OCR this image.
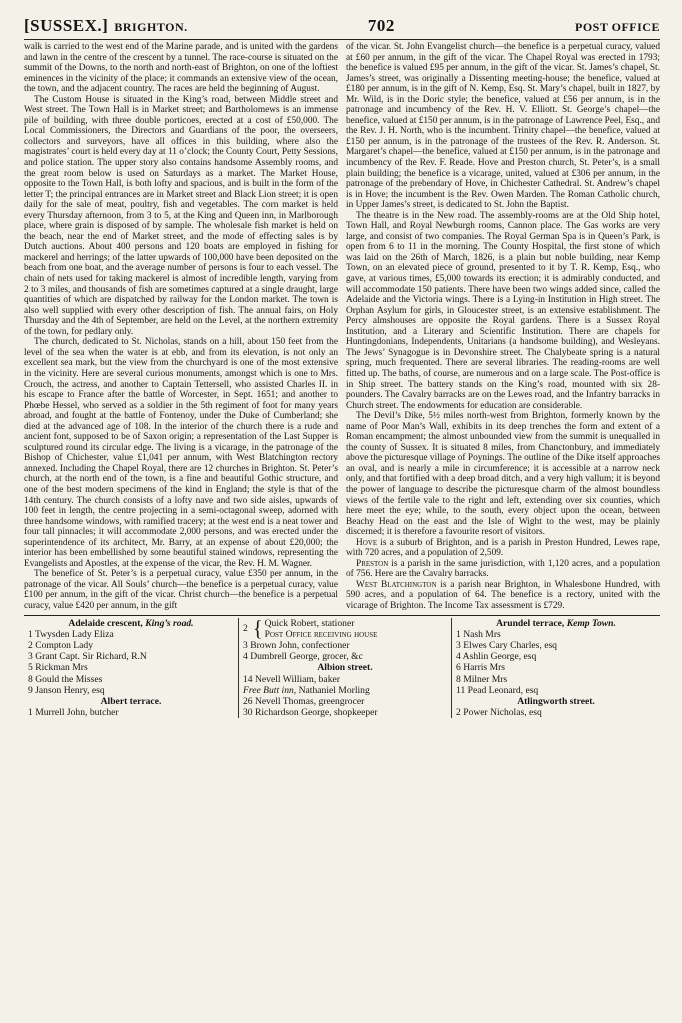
[SUSSEX.] BRIGHTON.	702	POST OFFICE

walk is carried to the west end of the Marine parade, and is united with the gardens and lawn in the centre of the crescent by a tunnel. The race-course is situated on the summit of the Downs, to the north and north-east of Brighton, on one of the loftiest eminences in the vicinity of the place; it commands an extensive view of the ocean, the town, and the adjacent country. The races are held the beginning of August.

The Custom House is situated in the King’s road, between Middle street and West street. The Town Hall is in Market street; and Bartholomews is an immense pile of building, with three double porticoes, erected at a cost of £50,000. The Local Commissioners, the Directors and Guardians of the poor, the overseers, collectors and surveyors, have all offices in this building, where also the magistrates’ court is held every day at 11 o’clock; the County Court, Petty Sessions, and police station. The upper story also contains handsome Assembly rooms, and the great room below is used on Saturdays as a market. The Market House, opposite to the Town Hall, is both lofty and spacious, and is built in the form of the letter T; the principal entrances are in Market street and Black Lion street; it is open daily for the sale of meat, poultry, fish and vegetables. The corn market is held every Thursday afternoon, from 3 to 5, at the King and Queen inn, in Marlborough place, where grain is disposed of by sample. The wholesale fish market is held on the beach, near the end of Market street, and the mode of effecting sales is by Dutch auctions. About 400 persons and 120 boats are employed in fishing for mackerel and herrings; of the latter upwards of 100,000 have been deposited on the beach from one boat, and the average number of persons is four to each vessel. The chain of nets used for taking mackerel is almost of incredible length, varying from 2 to 3 miles, and thousands of fish are sometimes captured at a single draught, large quantities of which are dispatched by railway for the London market. The town is also well supplied with every other description of fish. The annual fairs, on Holy Thursday and the 4th of September, are held on the Level, at the northern extremity of the town, for pedlary only.

The church, dedicated to St. Nicholas, stands on a hill, about 150 feet from the level of the sea when the water is at ebb, and from its elevation, is not only an excellent sea mark, but the view from the churchyard is one of the most extensive in the vicinity. Here are several curious monuments, amongst which is one to Mrs. Crouch, the actress, and another to Captain Tettersell, who assisted Charles II. in his escape to France after the battle of Worcester, in Sept. 1651; and another to Phœbe Hessel, who served as a soldier in the 5th regiment of foot for many years abroad, and fought at the battle of Fontenoy, under the Duke of Cumberland; she died at the advanced age of 108. In the interior of the church there is a rude and ancient font, supposed to be of Saxon origin; a representation of the Last Supper is sculptured round its circular edge. The living is a vicarage, in the patronage of the Bishop of Chichester, value £1,041 per annum, with West Blatchington rectory annexed. Including the Chapel Royal, there are 12 churches in Brighton. St. Peter’s church, at the north end of the town, is a fine and beautiful Gothic structure, and one of the best modern specimens of the kind in England; the style is that of the 14th century. The church consists of a lofty nave and two side aisles, upwards of 100 feet in length, the centre projecting in a semi-octagonal sweep, adorned with three handsome windows, with ramified tracery; at the west end is a neat tower and four tall pinnacles; it will accommodate 2,000 persons, and was erected under the superintendence of its architect, Mr. Barry, at an expense of about £20,000; the interior has been embellished by some beautiful stained windows, representing the Evangelists and Apostles, at the expense of the vicar, the Rev. H. M. Wagner.

The benefice of St. Peter’s is a perpetual curacy, value £350 per annum, in the patronage of the vicar. All Souls’ church—the benefice is a perpetual curacy, value £100 per annum, in the gift of the vicar. Christ church—the benefice is a perpetual curacy, value £420 per annum, in the gift

of the vicar. St. John Evangelist church—the benefice is a perpetual curacy, valued at £60 per annum, in the gift of the vicar. The Chapel Royal was erected in 1793; the benefice is valued £95 per annum, in the gift of the vicar. St. James’s chapel, St. James’s street, was originally a Dissenting meeting-house; the benefice, valued at £180 per annum, is in the gift of N. Kemp, Esq. St. Mary’s chapel, built in 1827, by Mr. Wild, is in the Doric style; the benefice, valued at £56 per annum, is in the patronage and incumbency of the Rev. H. V. Elliott. St. George’s chapel—the benefice, valued at £150 per annum, is in the patronage of Lawrence Peel, Esq., and the Rev. J. H. North, who is the incumbent. Trinity chapel—the benefice, valued at £150 per annum, is in the patronage of the trustees of the Rev. R. Anderson. St. Margaret’s chapel—the benefice, valued at £150 per annum, is in the patronage and incumbency of the Rev. F. Reade. Hove and Preston church, St. Peter’s, is a small plain building; the benefice is a vicarage, united, valued at £306 per annum, in the patronage of the prebendary of Hove, in Chichester Cathedral. St. Andrew’s chapel is in Hove; the incumbent is the Rev. Owen Marden. The Roman Catholic church, in Upper James’s street, is dedicated to St. John the Baptist.

The theatre is in the New road. The assembly-rooms are at the Old Ship hotel, Town Hall, and Royal Newburgh rooms, Cannon place. The Gas works are very large, and consist of two companies. The Royal German Spa is in Queen’s Park, is open from 6 to 11 in the morning. The County Hospital, the first stone of which was laid on the 26th of March, 1826, is a plain but noble building, near Kemp Town, on an elevated piece of ground, presented to it by T. R. Kemp, Esq., who gave, at various times, £5,000 towards its erection; it is admirably conducted, and will accommodate 150 patients. There have been two wings added since, called the Adelaide and the Victoria wings. There is a Lying-in Institution in High street. The Orphan Asylum for girls, in Gloucester street, is an extensive establishment. The Percy almshouses are opposite the Royal gardens. There is a Sussex Royal Institution, and a Literary and Scientific Institution. There are chapels for Huntingdonians, Independents, Unitarians (a handsome building), and Wesleyans. The Jews’ Synagogue is in Devonshire street. The Chalybeate spring is a natural spring, much frequented. There are several libraries. The reading-rooms are well fitted up. The baths, of course, are numerous and on a large scale. The Post-office is in Ship street. The battery stands on the King’s road, mounted with six 28-pounders. The Cavalry barracks are on the Lewes road, and the Infantry barracks in Church street. The endowments for education are considerable.

The Devil’s Dike, 5½ miles north-west from Brighton, formerly known by the name of Poor Man’s Wall, exhibits in its deep trenches the form and extent of a Roman encampment; the almost unbounded view from the summit is unequalled in the county of Sussex. It is situated 8 miles, from Chanctonbury, and immediately above the picturesque village of Poynings. The outline of the Dike itself approaches an oval, and is nearly a mile in circumference; it is accessible at a narrow neck only, and that fortified with a deep broad ditch, and a very high vallum; it is beyond the power of language to describe the picturesque charm of the almost boundless views of the fertile vale to the right and left, extending over six counties, which here meet the eye; while, to the south, every object upon the ocean, between Beachy Head on the east and the Isle of Wight to the west, may be plainly discerned; it is therefore a favourite resort of visitors.

Hove is a suburb of Brighton, and is a parish in Preston Hundred, Lewes rape, with 720 acres, and a population of 2,509.

Preston is a parish in the same jurisdiction, with 1,120 acres, and a population of 756. Here are the Cavalry barracks.

West Blatchington is a parish near Brighton, in Whalesbone Hundred, with 590 acres, and a population of 64. The benefice is a rectory, united with the vicarage of Brighton. The Income Tax assessment is £729.

Adelaide crescent, King’s road.
1 Twysden Lady Eliza
2 Compton Lady
3 Grant Capt. Sir Richard, R.N
5 Rickman Mrs
8 Gould the Misses
9 Janson Henry, esq
Albert terrace.
1 Murrell John, butcher
2 { Quick Robert, stationer
Post Office receiving house
3 Brown John, confectioner
4 Dumbrell George, grocer, &c
Albion street.
14 Nevell William, baker
Free Butt inn, Nathaniel Morling
26 Nevell Thomas, greengrocer
30 Richardson George, shopkeeper
Arundel terrace, Kemp Town.
1 Nash Mrs
3 Elwes Cary Charles, esq
4 Ashlin George, esq
6 Harris Mrs
8 Milner Mrs
11 Pead Leonard, esq
Atlingworth street.
2 Power Nicholas, esq
